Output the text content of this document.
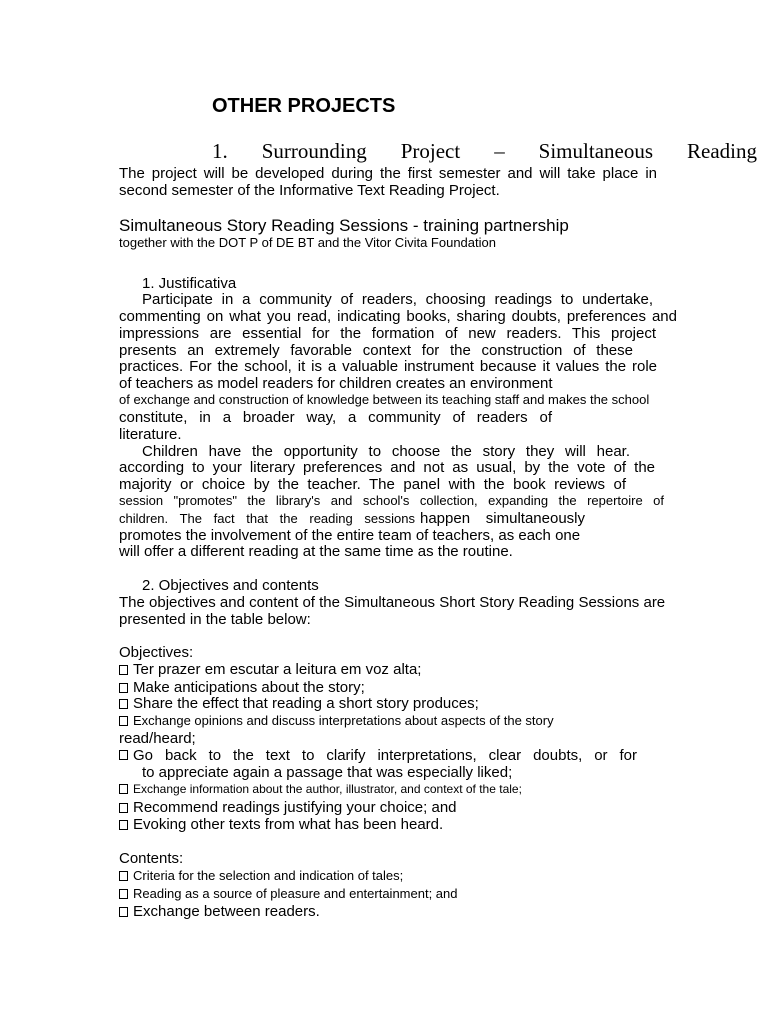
OTHER PROJECTS
1. Surrounding Project – Simultaneous Reading
The project will be developed during the first semester and will take place in
second semester of the Informative Text Reading Project.
Simultaneous Story Reading Sessions - training partnership
together with the DOT P of DE BT and the Vitor Civita Foundation
1. Justificativa
Participate in a community of readers, choosing readings to undertake,
commenting on what you read, indicating books, sharing doubts, preferences and
impressions are essential for the formation of new readers. This project
presents an extremely favorable context for the construction of these
practices. For the school, it is a valuable instrument because it values the role
of teachers as model readers for children creates an environment
of exchange and construction of knowledge between its teaching staff and makes the school
constitute, in a broader way, a community of readers of
literature.
Children have the opportunity to choose the story they will hear.
according to your literary preferences and not as usual, by the vote of the
majority or choice by the teacher. The panel with the book reviews of
session "promotes" the library's and school's collection, expanding the repertoire of
children. The fact that the reading sessions happen simultaneously
promotes the involvement of the entire team of teachers, as each one
will offer a different reading at the same time as the routine.
2. Objectives and contents
The objectives and content of the Simultaneous Short Story Reading Sessions are
presented in the table below:
Objectives:
Ter prazer em escutar a leitura em voz alta;
Make anticipations about the story;
Share the effect that reading a short story produces;
Exchange opinions and discuss interpretations about aspects of the story
read/heard;
Go back to the text to clarify interpretations, clear doubts, or for
to appreciate again a passage that was especially liked;
Exchange information about the author, illustrator, and context of the tale;
Recommend readings justifying your choice; and
Evoking other texts from what has been heard.
Contents:
Criteria for the selection and indication of tales;
Reading as a source of pleasure and entertainment; and
Exchange between readers.
